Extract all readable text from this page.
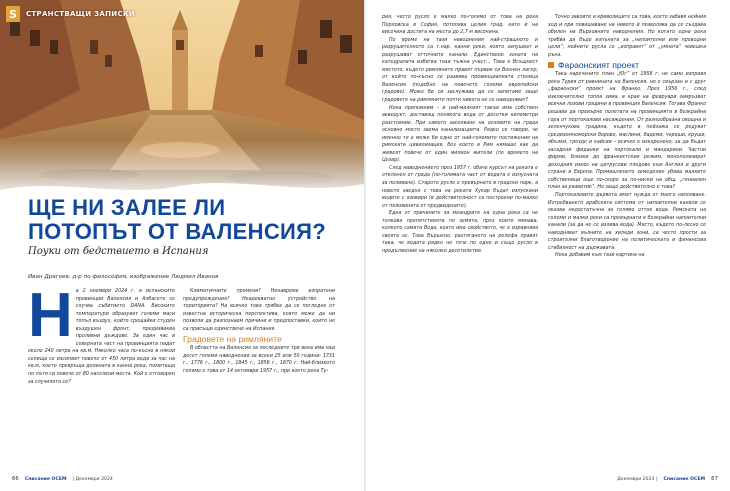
S	СТРАНСТВАЩИ ЗАПИСКИ
ЩЕ НИ ЗАЛЕЕ ЛИ
ПОТОПЪТ ОТ ВАЛЕНСИЯ?
Поуки от бедствието в Испания
Иван Драгоев, д-р по философия, изображение Людмил Иванов

На 2 ноември 2024 г. в испанските провинции Валенсия и Албасете се случва събитието DANA. Високите температури образуват големи маси топъл въздух, който срещайки студен въздушен фронт, предизвиква проливни дъждове. За един час в северната част на провинцията падат около 240 литра на кв.м. Няколко часа по-късно в някои селища се изсипват повече от 450 литра вода за час на кв.м, което превръща долината в канна река, помитаща по пътя си повече от 80 населени места. Кой е отговорен за случилото се?

Климатичните промени? Ненавреме изпратени предупреждения? Неадекватно устройство на територията? На всичко това трябва да се погледне от известна историческа перспектива, която може да ни позволи да разпознаем причини и предпоставки, които не са присъщи единствено на Испания.

Градовете на римляните

В областта на Валенсия за последните три века има над десет големи наводнения за всеки 25 или 50 години: 1731 г., 1776 г., 1800 г., 1845 г., 1856 г., 1870 г. Най-близкото голямо е това от 14 октомври 1957 г., при което река Ту-

66 Списание ОСЕМ | Декември 2024

рия, често русло е малко по-голямо от това на река Перловска в София, потопява целия град, като ѝ на височина достига на места до 2,7 м височина.

По време на тази наводнения най-страшното и разрушителното са т.нар. канни реки, които запушват и разрушават отточните канали. Единствено зоната на катедралата избягва тази тъжна участ... Това е Всъщност мястото, където римляните правят първия си Военен лагер, от който по-късно се развива провинциалната столица Валенсия (подобно на повечето големи европейски градове). Може би си заслужава да се запитаме защо градовете на римляните почти никога не се наводняват?

Нека припомним – и най-малкият такъв има собствен акведукт, доставящ понякога вода от десетки километри разстояние. При самото заселване на основите на града основно място заема канализацията. Рядко се говори, че именно тя е може би едно от най-големите постижения на римската цивилизация, без което в Рим нямаше как да живеят повече от един милион жители (по времето на Цезар).

След наводнението през 1957 г. обаче курсът на реката е отклонен от града (по-голямата част от водата е изпусната за поливане). Старото русло е превърнато в градски парк, а новото заедно с това на реката Хукар бъдат изпускани водите с язовири (в действителност са построени по-малко от половината от предвидените).

Една от причините за меандрите на една река са не толкова препятствията по земята, през които минава, колкото самата Вода, която има свойството, че е изравнява своята ос. Това Вършене, разтягането на релефа правят така, че водата рядко не тече по едно и също русло в продължение на няколко десетилетия.

Точно завоите и криволиците са това, което забавя нейния ход и при повишаване на нивото ѝ позволява да се създава обилен на Върховните наводнения. Но когато една река трябва да бъде изпъната за „напоителни или преводни цели“, нейните русла се „изправят“ от „умната“ човешка ръка.

Фараонският проект

Така наречените план „Юг“ от 1958 г. не само изправя река Турия от равнината на Валенсия, но е свързан и с друг „фараонски“ проект на Франко. През 1956 г., след изключително топла зима, в края на февруари замръзват всички лозови градини в провинция Валенсия. Тогава Франко решава да превърне полетата на провинцията в безкрайна гора от портокалови насаждения. От разнообразна овощна и зеленчукова градина, където в пейзажа се редуват средиземноморски борове, маслини, бадеми, череши, круши, ябълки, грозде и кайсии – всичко е изкоренено, за да бъдат засадени фиданки на портокали и мандарини. Частни фирми, близки до франкистския режим, монополизират доходния износ на цитрусови плодове към Англия и други страни в Европа. Промишленото земеделие убива малките собственици още по-скоро за по-ниски на общ. „гениален план за развитие“. Но защо действително е това?

Портокаловите дървета имат нужда от много напояване. Изтребването арабската система от напоителни канали се оказва недостатъчна за голямо отток вода. Римската на големи и малки реки са превърнати в безкрайни напоителни канали (за да не се излива вода). Място, където по-лесно се наводняват вълните на хиляди зони, са често прости за строителни благотворение на политическата и финансова стабилност на държавата.

Нека добавим към тази картина на

Декември 2024 | Списание ОСЕМ 67
